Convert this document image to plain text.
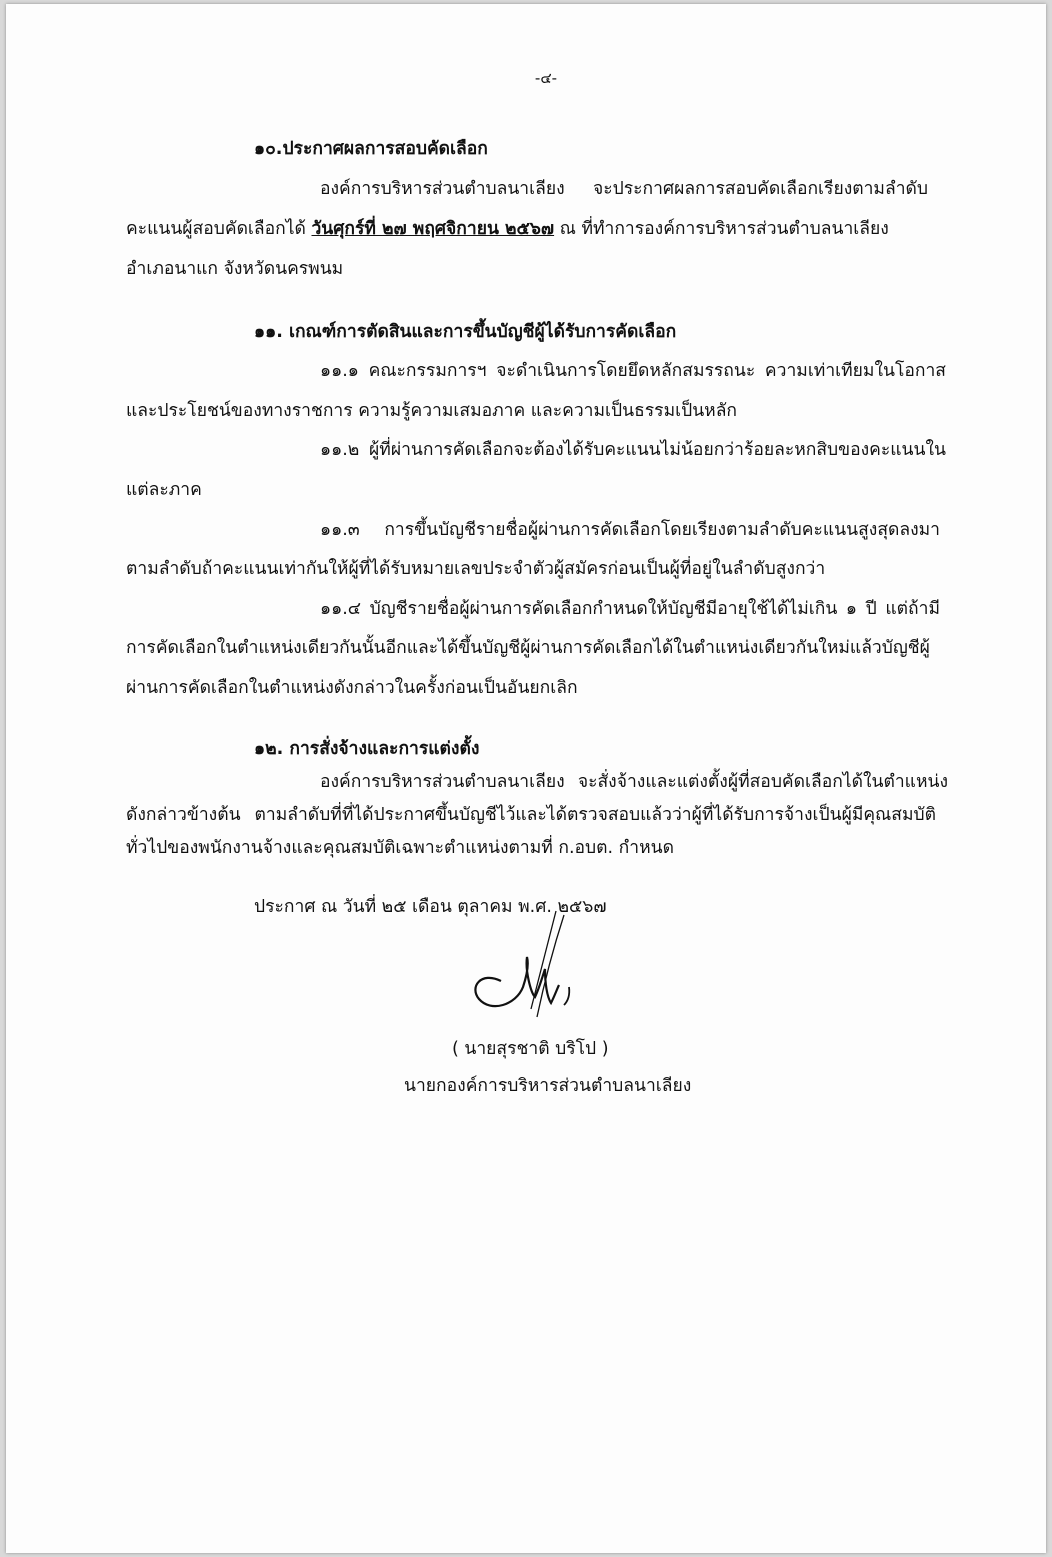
-๔-
๑๐.ประกาศผลการสอบคัดเลือก
องค์การบริหารส่วนตำบลนาเลียง จะประกาศผลการสอบคัดเลือกเรียงตามลำดับ
คะแนนผู้สอบคัดเลือกได้ วันศุกร์ที่ ๒๗ พฤศจิกายน ๒๕๖๗ ณ ที่ทำการองค์การบริหารส่วนตำบลนาเลียง
อำเภอนาแก จังหวัดนครพนม
๑๑. เกณฑ์การตัดสินและการขึ้นบัญชีผู้ได้รับการคัดเลือก
๑๑.๑ คณะกรรมการฯ จะดำเนินการโดยยึดหลักสมรรถนะ ความเท่าเทียมในโอกาส
และประโยชน์ของทางราชการ ความรู้ความเสมอภาค และความเป็นธรรมเป็นหลัก
๑๑.๒ ผู้ที่ผ่านการคัดเลือกจะต้องได้รับคะแนนไม่น้อยกว่าร้อยละหกสิบของคะแนนใน
แต่ละภาค
๑๑.๓ การขึ้นบัญชีรายชื่อผู้ผ่านการคัดเลือกโดยเรียงตามลำดับคะแนนสูงสุดลงมา
ตามลำดับถ้าคะแนนเท่ากันให้ผู้ที่ได้รับหมายเลขประจำตัวผู้สมัครก่อนเป็นผู้ที่อยู่ในลำดับสูงกว่า
๑๑.๔ บัญชีรายชื่อผู้ผ่านการคัดเลือกกำหนดให้บัญชีมีอายุใช้ได้ไม่เกิน ๑ ปี แต่ถ้ามี
การคัดเลือกในตำแหน่งเดียวกันนั้นอีกและได้ขึ้นบัญชีผู้ผ่านการคัดเลือกได้ในตำแหน่งเดียวกันใหม่แล้วบัญชีผู้
ผ่านการคัดเลือกในตำแหน่งดังกล่าวในครั้งก่อนเป็นอันยกเลิก
๑๒. การสั่งจ้างและการแต่งตั้ง
องค์การบริหารส่วนตำบลนาเลียง จะสั่งจ้างและแต่งตั้งผู้ที่สอบคัดเลือกได้ในตำแหน่ง
ดังกล่าวข้างต้น ตามลำดับที่ที่ได้ประกาศขึ้นบัญชีไว้และได้ตรวจสอบแล้วว่าผู้ที่ได้รับการจ้างเป็นผู้มีคุณสมบัติ
ทั่วไปของพนักงานจ้างและคุณสมบัติเฉพาะตำแหน่งตามที่ ก.อบต. กำหนด
ประกาศ ณ วันที่ ๒๕ เดือน ตุลาคม พ.ศ. ๒๕๖๗
( นายสุรชาติ บริโป )
นายกองค์การบริหารส่วนตำบลนาเลียง
